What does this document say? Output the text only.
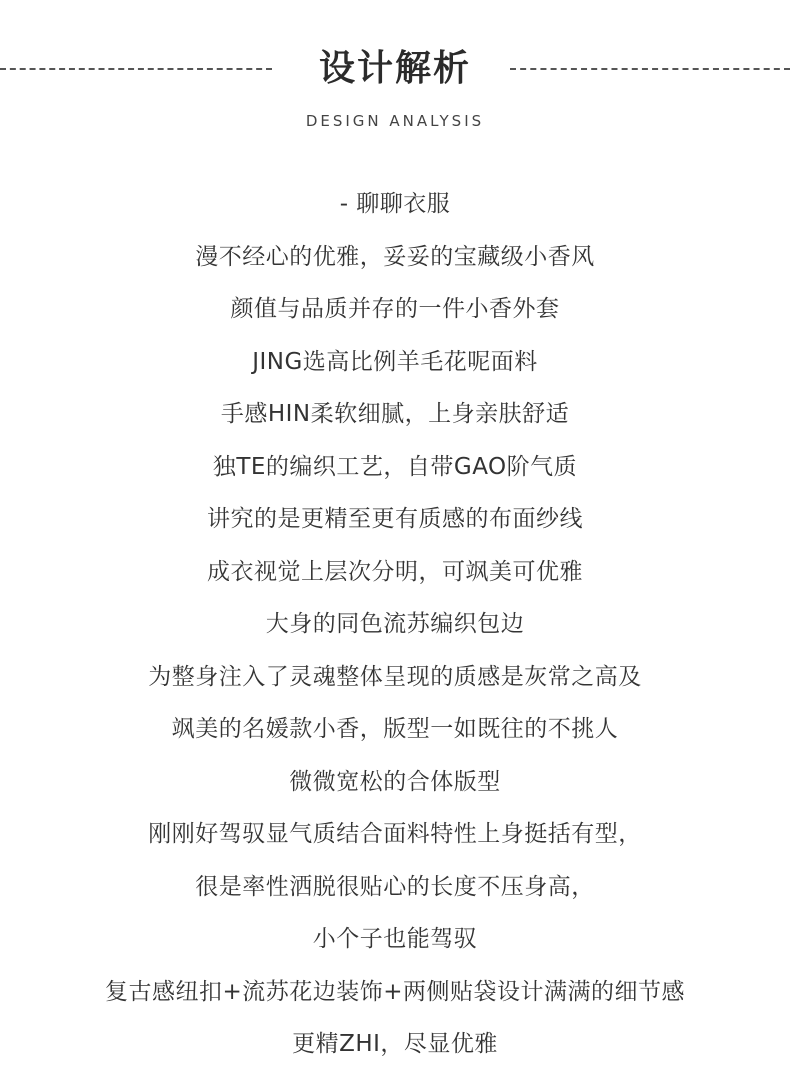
设计解析
DESIGN ANALYSIS
- 聊聊衣服
漫不经心的优雅，妥妥的宝藏级小香风
颜值与品质并存的一件小香外套
JING选高比例羊毛花呢面料
手感HIN柔软细腻，上身亲肤舒适
独TE的编织工艺，自带GAO阶气质
讲究的是更精至更有质感的布面纱线
成衣视觉上层次分明，可飒美可优雅
大身的同色流苏编织包边
为整身注入了灵魂整体呈现的质感是灰常之高及
飒美的名媛款小香，版型一如既往的不挑人
微微宽松的合体版型
刚刚好驾驭显气质结合面料特性上身挺括有型，
很是率性洒脱很贴心的长度不压身高，
小个子也能驾驭
复古感纽扣+流苏花边装饰+两侧贴袋设计满满的细节感
更精ZHI，尽显优雅
